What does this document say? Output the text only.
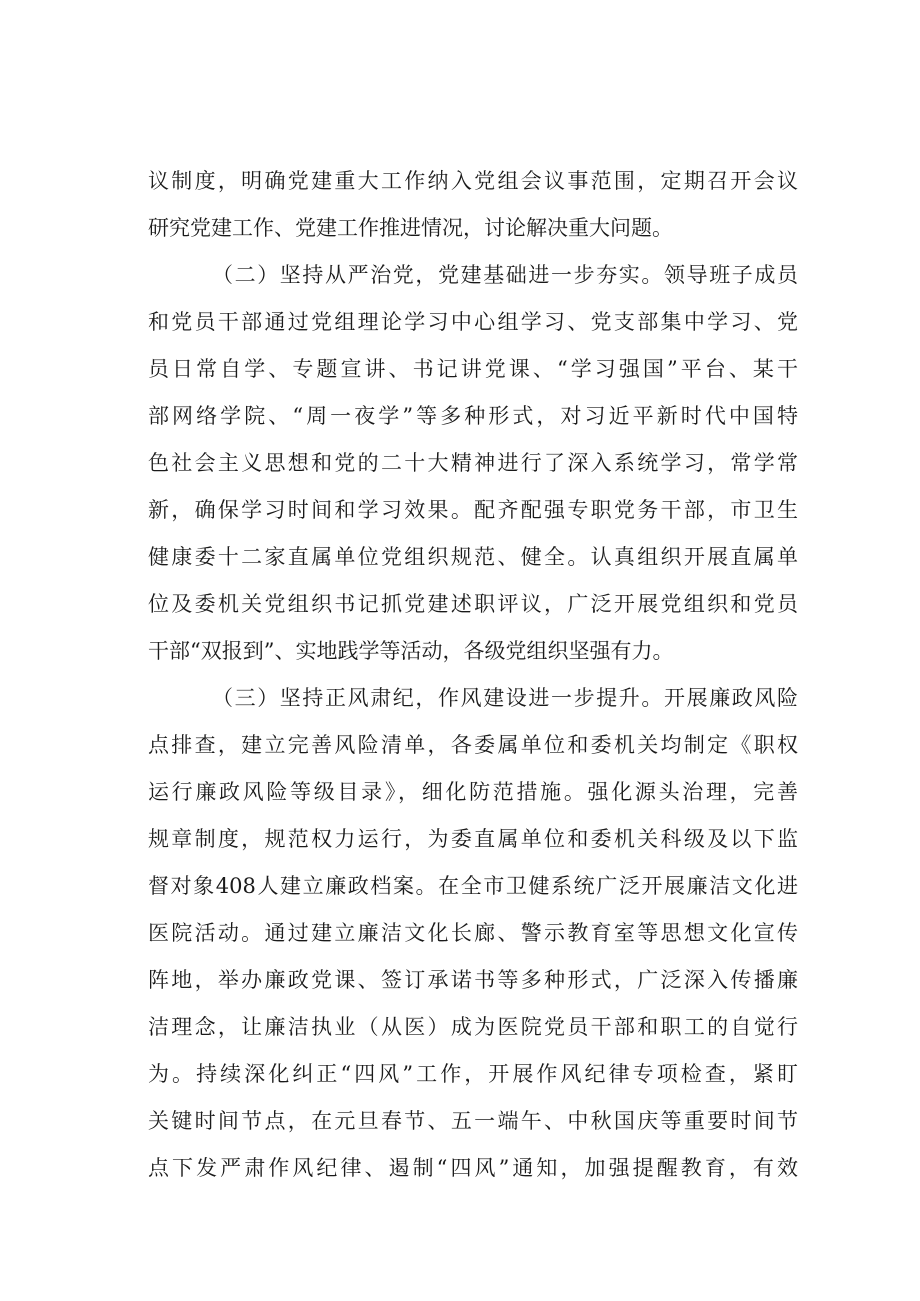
议制度，明确党建重大工作纳入党组会议事范围，定期召开会议
研究党建工作、党建工作推进情况，讨论解决重大问题。
（二）坚持从严治党，党建基础进一步夯实。领导班子成员
和党员干部通过党组理论学习中心组学习、党支部集中学习、党
员日常自学、专题宣讲、书记讲党课、“学习强国”平台、某干
部网络学院、“周一夜学”等多种形式，对习近平新时代中国特
色社会主义思想和党的二十大精神进行了深入系统学习，常学常
新，确保学习时间和学习效果。配齐配强专职党务干部，市卫生
健康委十二家直属单位党组织规范、健全。认真组织开展直属单
位及委机关党组织书记抓党建述职评议，广泛开展党组织和党员
干部“双报到”、实地践学等活动，各级党组织坚强有力。
（三）坚持正风肃纪，作风建设进一步提升。开展廉政风险
点排查，建立完善风险清单，各委属单位和委机关均制定《职权
运行廉政风险等级目录》，细化防范措施。强化源头治理，完善
规章制度，规范权力运行，为委直属单位和委机关科级及以下监
督对象408人建立廉政档案。在全市卫健系统广泛开展廉洁文化进
医院活动。通过建立廉洁文化长廊、警示教育室等思想文化宣传
阵地，举办廉政党课、签订承诺书等多种形式，广泛深入传播廉
洁理念，让廉洁执业（从医）成为医院党员干部和职工的自觉行
为。持续深化纠正“四风”工作，开展作风纪律专项检查，紧盯
关键时间节点，在元旦春节、五一端午、中秋国庆等重要时间节
点下发严肃作风纪律、遏制“四风”通知，加强提醒教育，有效
